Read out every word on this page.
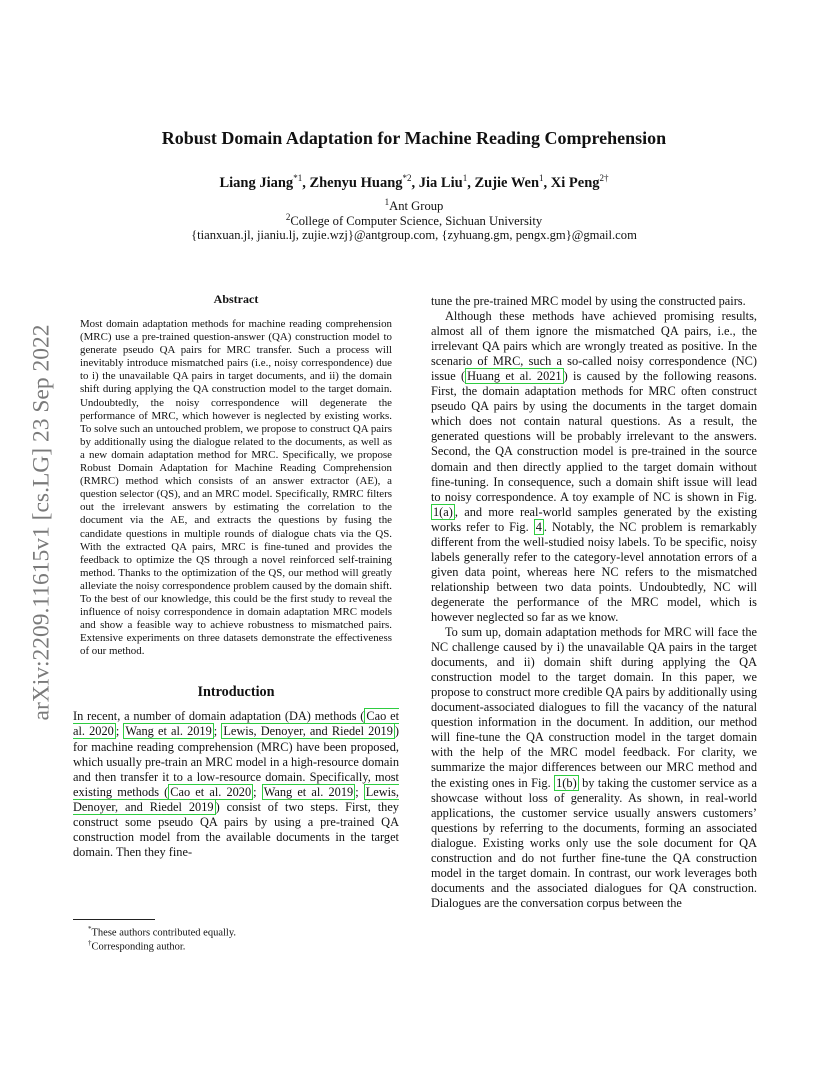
arXiv:2209.11615v1 [cs.LG] 23 Sep 2022
Robust Domain Adaptation for Machine Reading Comprehension
Liang Jiang$^{*1}$, Zhenyu Huang$^{*2}$, Jia Liu$^1$, Zujie Wen$^1$, Xi Peng$^{2\dagger}$
$^1$Ant Group
$^2$College of Computer Science, Sichuan University
{tianxuan.jl, jianiu.lj, zujie.wzj}@antgroup.com, {zyhuang.gm, pengx.gm}@gmail.com
Abstract

Most domain adaptation methods for machine reading comprehension (MRC) use a pre-trained question-answer (QA) construction model to generate pseudo QA pairs for MRC transfer. Such a process will inevitably introduce mismatched pairs (i.e., noisy correspondence) due to i) the unavailable QA pairs in target documents, and ii) the domain shift during applying the QA construction model to the target domain. Undoubtedly, the noisy correspondence will degenerate the performance of MRC, which however is neglected by existing works. To solve such an untouched problem, we propose to construct QA pairs by additionally using the dialogue related to the documents, as well as a new domain adaptation method for MRC. Specifically, we propose Robust Domain Adaptation for Machine Reading Comprehension (RMRC) method which consists of an answer extractor (AE), a question selector (QS), and an MRC model. Specifically, RMRC filters out the irrelevant answers by estimating the correlation to the document via the AE, and extracts the questions by fusing the candidate questions in multiple rounds of dialogue chats via the QS. With the extracted QA pairs, MRC is fine-tuned and provides the feedback to optimize the QS through a novel reinforced self-training method. Thanks to the optimization of the QS, our method will greatly alleviate the noisy correspondence problem caused by the domain shift. To the best of our knowledge, this could be the first study to reveal the influence of noisy correspondence in domain adaptation MRC models and show a feasible way to achieve robustness to mismatched pairs. Extensive experiments on three datasets demonstrate the effectiveness of our method.

Introduction

In recent, a number of domain adaptation (DA) methods ( Cao et al. 2020 ; Wang et al. 2019 ; Lewis, Denoyer, and Riedel 2019 ) for machine reading comprehension (MRC) have been proposed, which usually pre-train an MRC model in a high-resource domain and then transfer it to a low-resource domain. Specifically, most existing methods ( Cao et al. 2020 ; Wang et al. 2019 ; Lewis, Denoyer, and Riedel 2019 ) consist of two steps. First, they construct some pseudo QA pairs by using a pre-trained QA construction model from the available documents in the target domain. Then they fine-

*These authors contributed equally.
†Corresponding author.

tune the pre-trained MRC model by using the constructed pairs.

Although these methods have achieved promising results, almost all of them ignore the mismatched QA pairs, i.e., the irrelevant QA pairs which are wrongly treated as positive. In the scenario of MRC, such a so-called noisy correspondence (NC) issue ( Huang et al. 2021 ) is caused by the following reasons. First, the domain adaptation methods for MRC often construct pseudo QA pairs by using the documents in the target domain which does not contain natural questions. As a result, the generated questions will be probably irrelevant to the answers. Second, the QA construction model is pre-trained in the source domain and then directly applied to the target domain without fine-tuning. In consequence, such a domain shift issue will lead to noisy correspondence. A toy example of NC is shown in Fig. 1(a) , and more real-world samples generated by the existing works refer to Fig. 4 . Notably, the NC problem is remarkably different from the well-studied noisy labels. To be specific, noisy labels generally refer to the category-level annotation errors of a given data point, whereas here NC refers to the mismatched relationship between two data points. Undoubtedly, NC will degenerate the performance of the MRC model, which is however neglected so far as we know.

To sum up, domain adaptation methods for MRC will face the NC challenge caused by i) the unavailable QA pairs in the target documents, and ii) domain shift during applying the QA construction model to the target domain. In this paper, we propose to construct more credible QA pairs by additionally using document-associated dialogues to fill the vacancy of the natural question information in the document. In addition, our method will fine-tune the QA construction model in the target domain with the help of the MRC model feedback. For clarity, we summarize the major differences between our MRC method and the existing ones in Fig. 1(b) by taking the customer service as a showcase without loss of generality. As shown, in real-world applications, the customer service usually answers customers’ questions by referring to the documents, forming an associated dialogue. Existing works only use the sole document for QA construction and do not further fine-tune the QA construction model in the target domain. In contrast, our work leverages both documents and the associated dialogues for QA construction. Dialogues are the conversation corpus between the
